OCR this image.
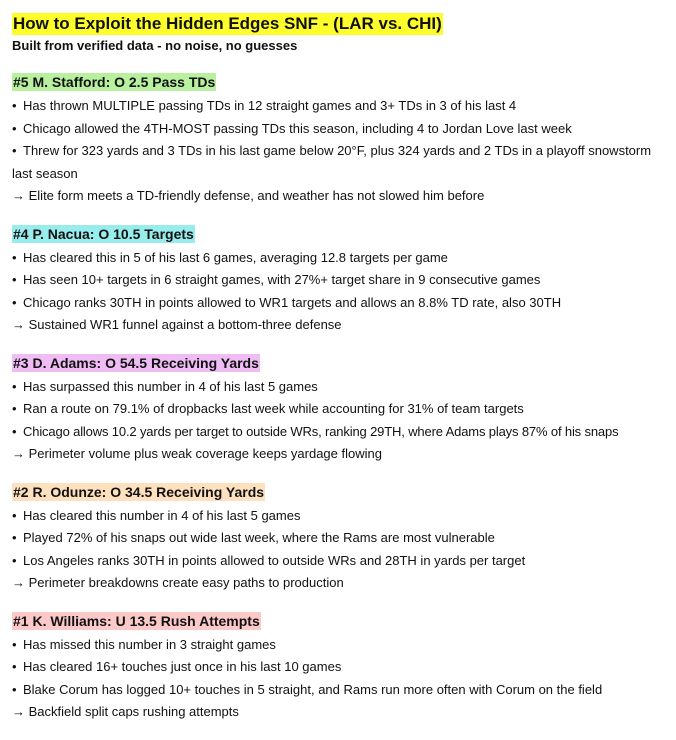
How to Exploit the Hidden Edges SNF - (LAR vs. CHI)
Built from verified data - no noise, no guesses
#5 M. Stafford: O 2.5 Pass TDs

• Has thrown MULTIPLE passing TDs in 12 straight games and 3+ TDs in 3 of his last 4

• Chicago allowed the 4TH-MOST passing TDs this season, including 4 to Jordan Love last week

• Threw for 323 yards and 3 TDs in his last game below 20°F, plus 324 yards and 2 TDs in a playoff snowstorm last season

→ Elite form meets a TD-friendly defense, and weather has not slowed him before

#4 P. Nacua: O 10.5 Targets

• Has cleared this in 5 of his last 6 games, averaging 12.8 targets per game

• Has seen 10+ targets in 6 straight games, with 27%+ target share in 9 consecutive games

• Chicago ranks 30TH in points allowed to WR1 targets and allows an 8.8% TD rate, also 30TH

→ Sustained WR1 funnel against a bottom-three defense

#3 D. Adams: O 54.5 Receiving Yards

• Has surpassed this number in 4 of his last 5 games

• Ran a route on 79.1% of dropbacks last week while accounting for 31% of team targets

• Chicago allows 10.2 yards per target to outside WRs, ranking 29TH, where Adams plays 87% of his snaps

→ Perimeter volume plus weak coverage keeps yardage flowing

#2 R. Odunze: O 34.5 Receiving Yards

• Has cleared this number in 4 of his last 5 games

• Played 72% of his snaps out wide last week, where the Rams are most vulnerable

• Los Angeles ranks 30TH in points allowed to outside WRs and 28TH in yards per target

→ Perimeter breakdowns create easy paths to production

#1 K. Williams: U 13.5 Rush Attempts

• Has missed this number in 3 straight games

• Has cleared 16+ touches just once in his last 10 games

• Blake Corum has logged 10+ touches in 5 straight, and Rams run more often with Corum on the field

→ Backfield split caps rushing attempts
